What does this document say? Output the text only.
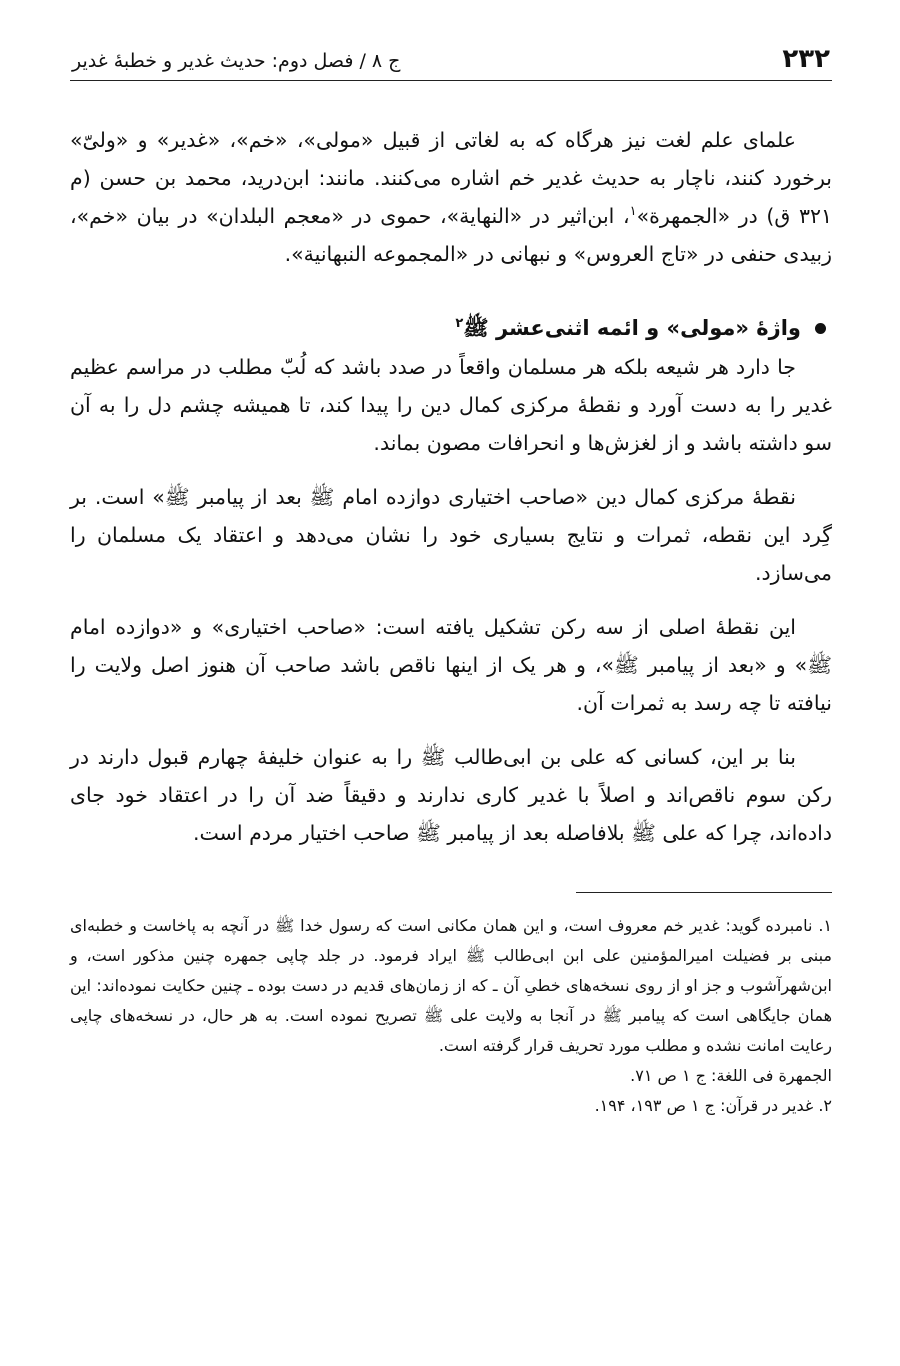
۲۳۲
ج ۸ / فصل دوم: حدیث غدیر و خطبهٔ غدیر

علمای علم لغت نیز هرگاه که به لغاتی از قبیل «مولی»، «خم»، «غدیر» و «ولیّ» برخورد کنند، ناچار به حدیث غدیر خم اشاره می‌کنند. مانند: ابن‌درید، محمد بن حسن (م ۳۲۱ ق) در «الجمهرة»$^۱$، ابن‌اثیر در «النهایة»، حموی در «معجم البلدان» در بیان «خم»، زبیدی حنفی در «تاج العروس» و نبهانی در «المجموعه النبهانیة».

واژهٔ «مولی» و ائمه اثنی‌عشر ﷺ$^۲$

جا دارد هر شیعه بلکه هر مسلمان واقعاً در صدد باشد که لُبّ مطلب در مراسم عظیم غدیر را به دست آورد و نقطهٔ مرکزی کمال دین را پیدا کند، تا همیشه چشم دل را به آن سو داشته باشد و از لغزش‌ها و انحرافات مصون بماند.

نقطهٔ مرکزی کمال دین «صاحب اختیاری دوازده امام ﷺ بعد از پیامبر ﷺ» است. بر گِرد این نقطه، ثمرات و نتایج بسیاری خود را نشان می‌دهد و اعتقاد یک مسلمان را می‌سازد.

این نقطهٔ اصلی از سه رکن تشکیل یافته است: «صاحب اختیاری» و «دوازده امام ﷺ» و «بعد از پیامبر ﷺ»، و هر یک از اینها ناقص باشد صاحب آن هنوز اصل ولایت را نیافته تا چه رسد به ثمرات آن.

بنا بر این، کسانی که علی بن ابی‌طالب ﷺ را به عنوان خلیفهٔ چهارم قبول دارند در رکن سوم ناقص‌اند و اصلاً با غدیر کاری ندارند و دقیقاً ضد آن را در اعتقاد خود جای داده‌اند، چرا که علی ﷺ بلافاصله بعد از پیامبر ﷺ صاحب اختیار مردم است.

۱. نامبرده گوید: غدیر خم معروف است، و این همان مکانی است که رسول خدا ﷺ در آنچه به پاخاست و خطبه‌ای مبنی بر فضیلت امیرالمؤمنین علی ابن ابی‌طالب ﷺ ایراد فرمود. در جلد چاپی جمهره چنین مذکور است، و ابن‌شهرآشوب و جز او از روی نسخه‌های خطیِ آن ـ که از زمان‌های قدیم در دست بوده ـ چنین حکایت نموده‌اند: این همان جایگاهی است که پیامبر ﷺ در آنجا به ولایت علی ﷺ تصریح نموده است. به هر حال، در نسخه‌های چاپی رعایت امانت نشده و مطلب مورد تحریف قرار گرفته است.

الجمهرة فی اللغة: ج ۱ ص ۷۱.

۲. غدیر در قرآن: ج ۱ ص ۱۹۳، ۱۹۴.
